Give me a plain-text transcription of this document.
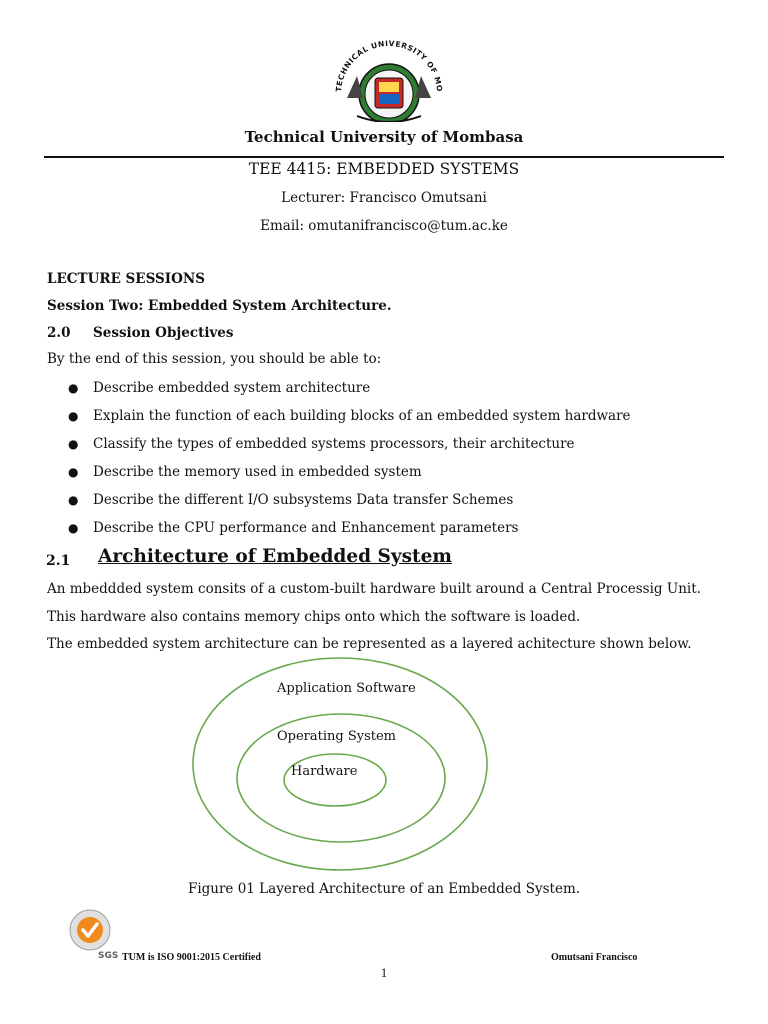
TECHNICAL UNIVERSITY OF MO
Technical University of Mombasa
TEE 4415: EMBEDDED SYSTEMS
Lecturer: Francisco Omutsani
Email: omutanifrancisco@tum.ac.ke
LECTURE SESSIONS
Session Two: Embedded System Architecture.
2.0 Session Objectives
By the end of this session, you should be able to:
●	Describe embedded system architecture
●	Explain the function of each building blocks of an embedded system hardware
●	Classify the types of embedded systems processors, their architecture
●	Describe the memory used in embedded system
●	Describe the different I/O subsystems Data transfer Schemes
●	Describe the CPU performance and Enhancement parameters
2.1 Architecture of Embedded System
An mbeddded system consits of a custom-built hardware built around a Central Processig Unit.
This hardware also contains memory chips onto which the software is loaded.
The embedded system architecture can be represented as a layered achitecture shown below.
Application Software
Operating System
Hardware
Figure 01 Layered Architecture of an Embedded System.
SGS TUM is ISO 9001:2015 Certified	Omutsani Francisco
1
